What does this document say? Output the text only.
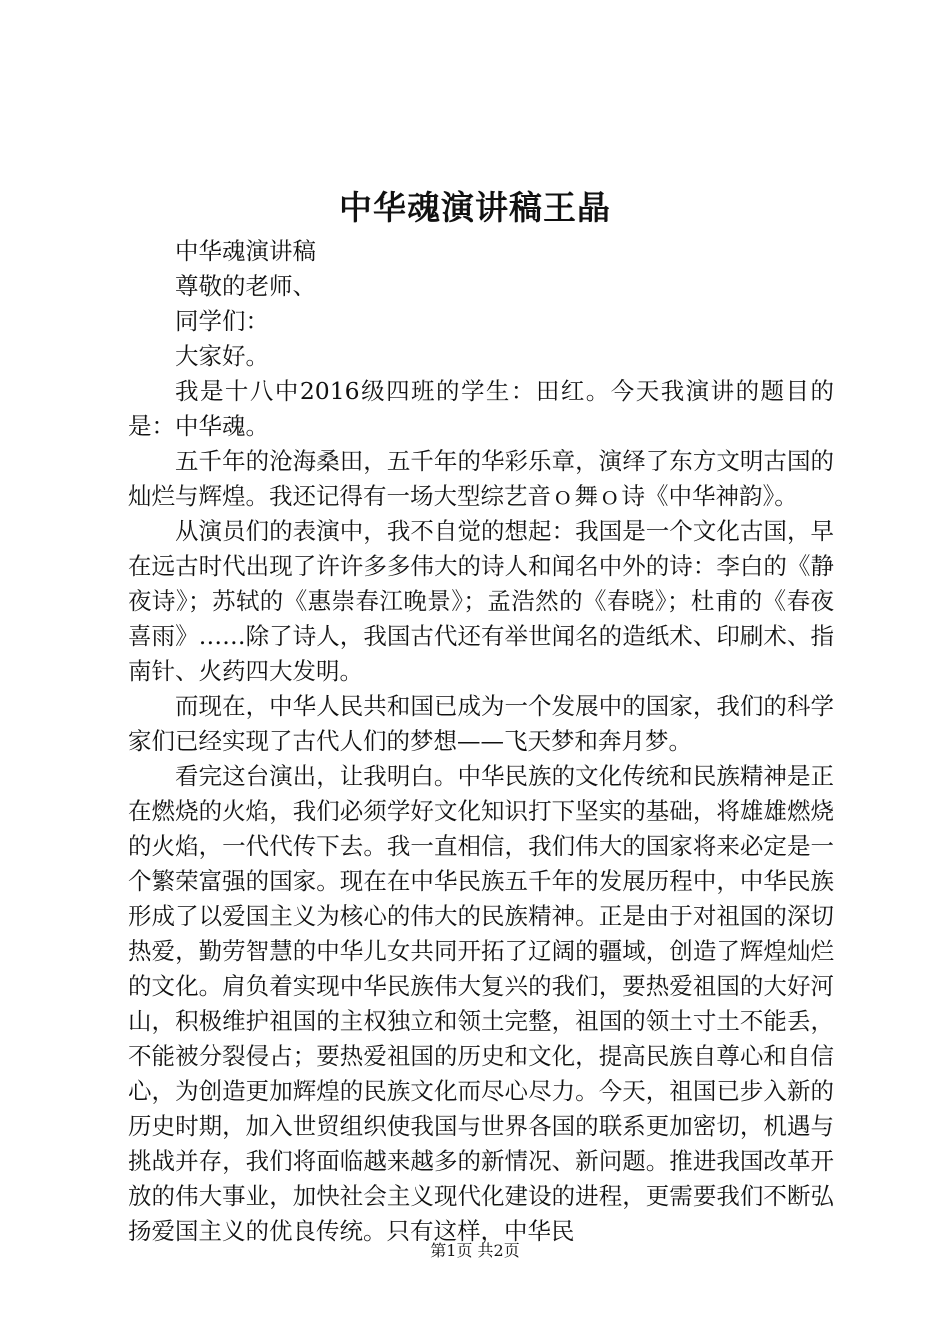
中华魂演讲稿王晶

中华魂演讲稿

尊敬的老师、

同学们：

大家好。

我是十八中2016级四班的学生：田红。今天我演讲的题目的是：中华魂。

五千年的沧海桑田，五千年的华彩乐章，演绎了东方文明古国的灿烂与辉煌。我还记得有一场大型综艺音ｏ舞ｏ诗《中华神韵》。

从演员们的表演中，我不自觉的想起：我国是一个文化古国，早在远古时代出现了许许多多伟大的诗人和闻名中外的诗：李白的《静夜诗》；苏轼的《惠崇春江晚景》；孟浩然的《春晓》；杜甫的《春夜喜雨》……除了诗人，我国古代还有举世闻名的造纸术、印刷术、指南针、火药四大发明。

而现在，中华人民共和国已成为一个发展中的国家，我们的科学家们已经实现了古代人们的梦想——飞天梦和奔月梦。

看完这台演出，让我明白。中华民族的文化传统和民族精神是正在燃烧的火焰，我们必须学好文化知识打下坚实的基础，将雄雄燃烧的火焰，一代代传下去。我一直相信，我们伟大的国家将来必定是一个繁荣富强的国家。现在在中华民族五千年的发展历程中，中华民族形成了以爱国主义为核心的伟大的民族精神。正是由于对祖国的深切热爱，勤劳智慧的中华儿女共同开拓了辽阔的疆域，创造了辉煌灿烂的文化。肩负着实现中华民族伟大复兴的我们，要热爱祖国的大好河山，积极维护祖国的主权独立和领土完整，祖国的领土寸土不能丢，不能被分裂侵占；要热爱祖国的历史和文化，提高民族自尊心和自信心，为创造更加辉煌的民族文化而尽心尽力。今天，祖国已步入新的历史时期，加入世贸组织使我国与世界各国的联系更加密切，机遇与挑战并存，我们将面临越来越多的新情况、新问题。推进我国改革开放的伟大事业，加快社会主义现代化建设的进程，更需要我们不断弘扬爱国主义的优良传统。只有这样，中华民

第1页 共2页
